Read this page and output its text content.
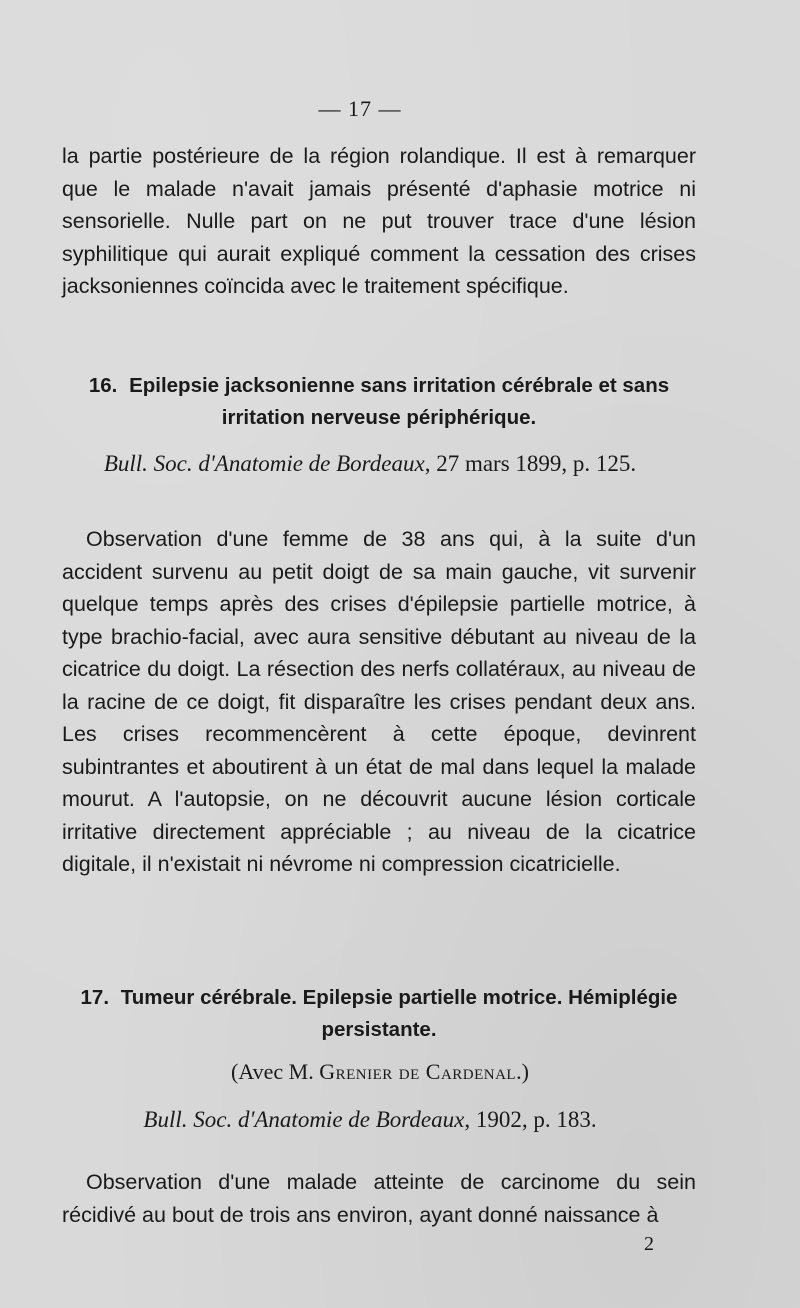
— 17 —

la partie postérieure de la région rolandique. Il est à remarquer que le malade n'avait jamais présenté d'aphasie motrice ni sensorielle. Nulle part on ne put trouver trace d'une lésion syphilitique qui aurait expliqué comment la cessation des crises jacksoniennes coïncida avec le traitement spécifique.

16. Epilepsie jacksonienne sans irritation cérébrale et sans irritation nerveuse périphérique.

Bull. Soc. d'Anatomie de Bordeaux, 27 mars 1899, p. 125.

Observation d'une femme de 38 ans qui, à la suite d'un accident survenu au petit doigt de sa main gauche, vit survenir quelque temps après des crises d'épilepsie partielle motrice, à type brachio-facial, avec aura sensitive débutant au niveau de la cicatrice du doigt. La résection des nerfs collatéraux, au niveau de la racine de ce doigt, fit disparaître les crises pendant deux ans. Les crises recommencèrent à cette époque, devinrent subintrantes et aboutirent à un état de mal dans lequel la malade mourut. A l'autopsie, on ne découvrit aucune lésion corticale irritative directement appréciable ; au niveau de la cicatrice digitale, il n'existait ni névrome ni compression cicatricielle.

17. Tumeur cérébrale. Epilepsie partielle motrice. Hémiplégie persistante.

(Avec M. Grenier de Cardenal.)

Bull. Soc. d'Anatomie de Bordeaux, 1902, p. 183.

Observation d'une malade atteinte de carcinome du sein récidivé au bout de trois ans environ, ayant donné naissance à

2
